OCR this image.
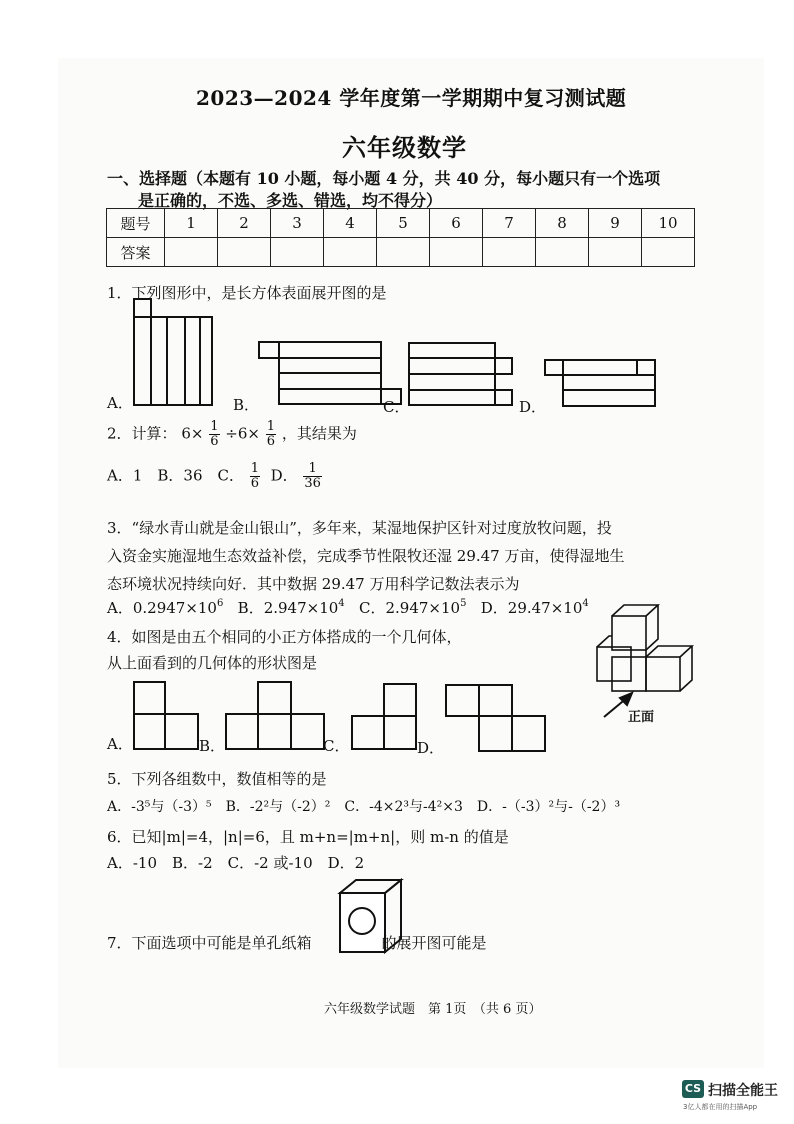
2023—2024 学年度第一学期期中复习测试题
六年级数学
一、选择题（本题有 10 小题，每小题 4 分，共 40 分，每小题只有一个选项
是正确的，不选、多选、错选，均不得分）
题号	1	2	3	4	5	6	7	8	9	10
答案										
1．下列图形中，是长方体表面展开图的是
A．	B．	C．	D．
2．计算： $6\times \frac{1}{6} \div 6\times \frac{1}{6}$ ，其结果为
A．1　B．36　C． $\frac{1}{6}$ D． $\frac{1}{36}$
3．“绿水青山就是金山银山”，多年来，某湿地保护区针对过度放牧问题，投
入资金实施湿地生态效益补偿，完成季节性限牧还湿 29.47 万亩，使得湿地生
态环境状况持续向好．其中数据 29.47 万用科学记数法表示为
A．$0.2947\times 10^6$ B．$2.947\times 10^4$ C．$2.947\times 10^5$ D．$29.47\times 10^4$
4．如图是由五个相同的小正方体搭成的一个几何体，
从上面看到的几何体的形状图是
正面
A．	B．	C．	D．
5．下列各组数中，数值相等的是
A．-3⁵与（-3）⁵　B．-2²与（-2）²　C．-4×2³与-4²×3　D．-（-3）²与-（-2）³
6．已知|m|=4，|n|=6，且 m+n=|m+n|，则 m-n 的值是
A．-10　B．-2　C．-2 或-10　D．2
7．下面选项中可能是单孔纸箱	的展开图可能是
六年级数学试题　第 1页　（共 6 页）
CS 扫描全能王
3亿人都在用的扫描App
